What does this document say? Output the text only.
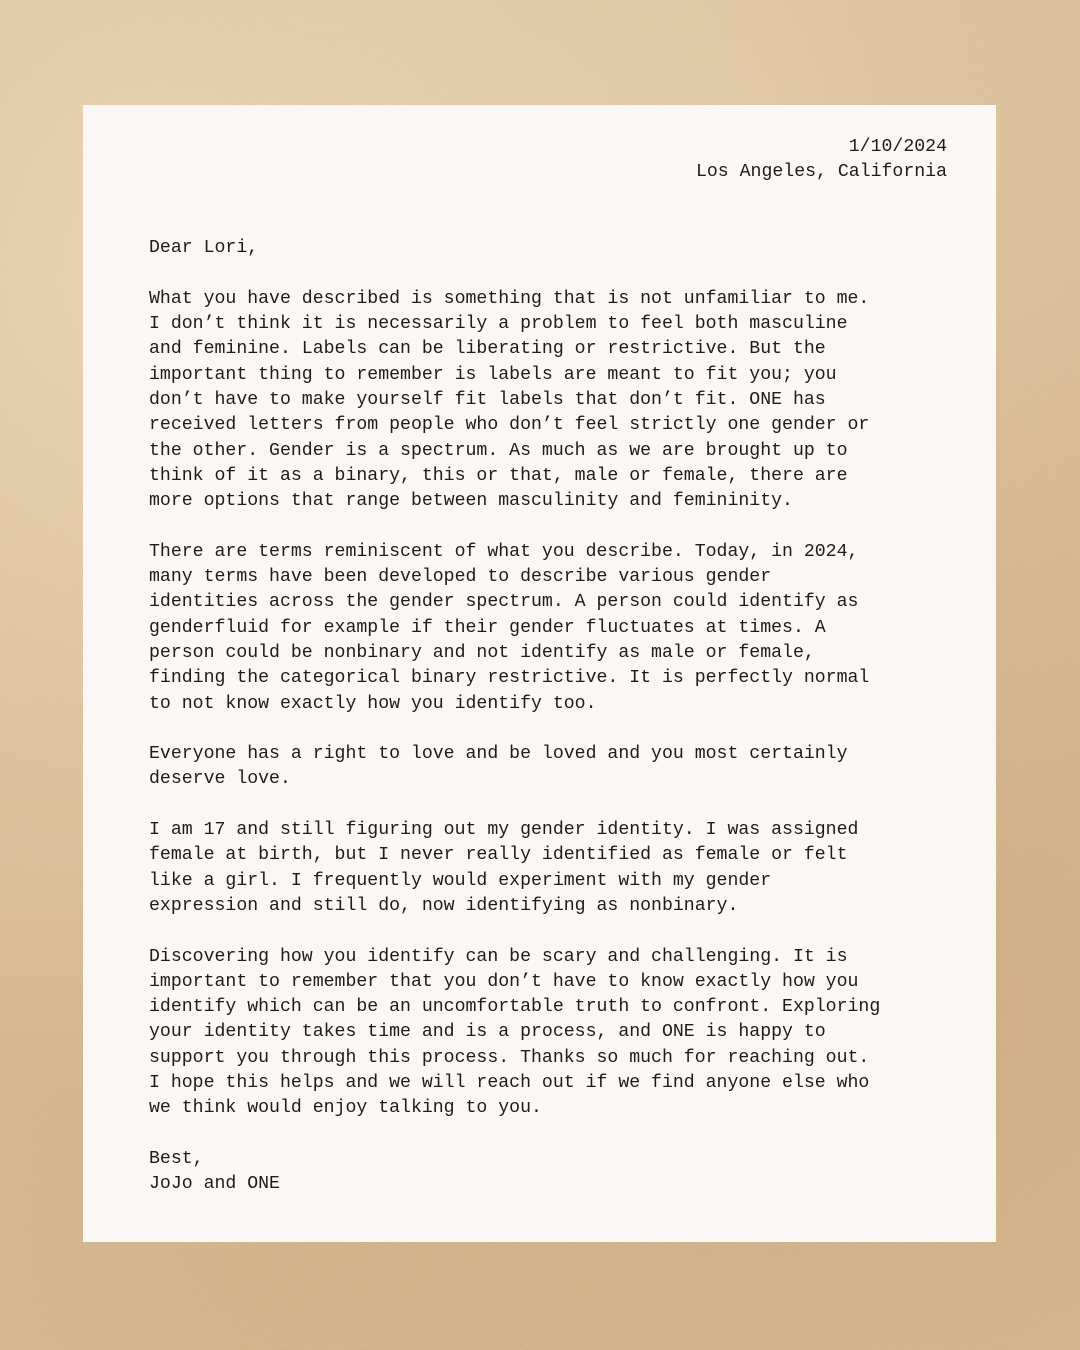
1/10/2024
Los Angeles, California
Dear Lori,

What you have described is something that is not unfamiliar to me.
I don’t think it is necessarily a problem to feel both masculine
and feminine. Labels can be liberating or restrictive. But the
important thing to remember is labels are meant to fit you; you
don’t have to make yourself fit labels that don’t fit. ONE has
received letters from people who don’t feel strictly one gender or
the other. Gender is a spectrum. As much as we are brought up to
think of it as a binary, this or that, male or female, there are
more options that range between masculinity and femininity.

There are terms reminiscent of what you describe. Today, in 2024,
many terms have been developed to describe various gender
identities across the gender spectrum. A person could identify as
genderfluid for example if their gender fluctuates at times. A
person could be nonbinary and not identify as male or female,
finding the categorical binary restrictive. It is perfectly normal
to not know exactly how you identify too.

Everyone has a right to love and be loved and you most certainly
deserve love.

I am 17 and still figuring out my gender identity. I was assigned
female at birth, but I never really identified as female or felt
like a girl. I frequently would experiment with my gender
expression and still do, now identifying as nonbinary.

Discovering how you identify can be scary and challenging. It is
important to remember that you don’t have to know exactly how you
identify which can be an uncomfortable truth to confront. Exploring
your identity takes time and is a process, and ONE is happy to
support you through this process. Thanks so much for reaching out.
I hope this helps and we will reach out if we find anyone else who
we think would enjoy talking to you.

Best,
JoJo and ONE
